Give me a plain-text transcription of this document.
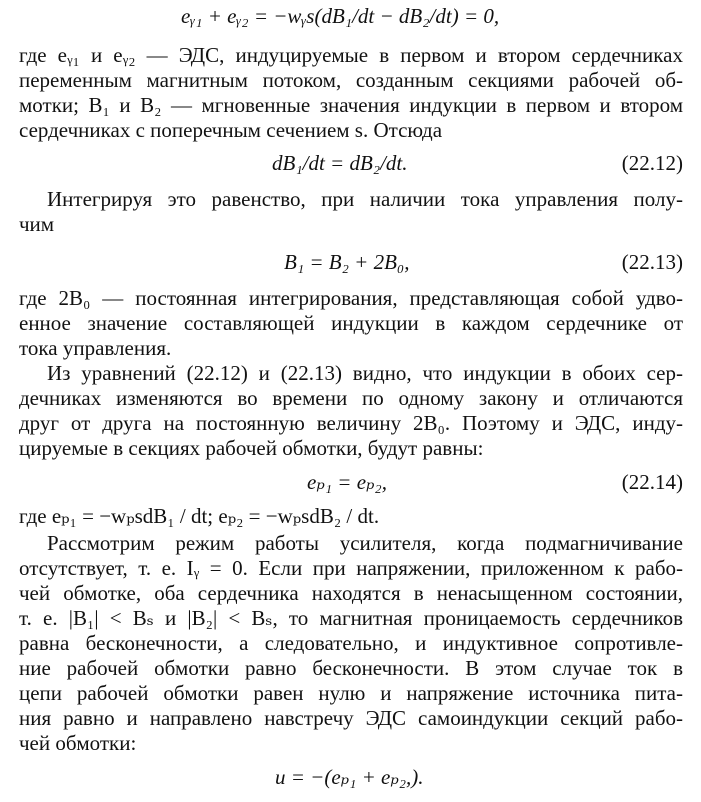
eᵧ₁ + eᵧ₂ = −wᵧs(dB₁/dt − dB₂/dt) = 0,
где eᵧ₁ и eᵧ₂ — ЭДС, индуцируемые в первом и втором сердечниках
переменным магнитным потоком, созданным секциями рабочей об-
мотки; B₁ и B₂ — мгновенные значения индукции в первом и втором
сердечниках с поперечным сечением s. Отсюда
dB₁/dt = dB₂/dt.	(22.12)
Интегрируя это равенство, при наличии тока управления полу-
чим
B₁ = B₂ + 2B₀,	(22.13)
где 2B₀ — постоянная интегрирования, представляющая собой удво-
енное значение составляющей индукции в каждом сердечнике от
тока управления.
Из уравнений (22.12) и (22.13) видно, что индукции в обоих сер-
дечниках изменяются во времени по одному закону и отличаются
друг от друга на постоянную величину 2B₀. Поэтому и ЭДС, инду-
цируемые в секциях рабочей обмотки, будут равны:
eₚ₁ = eₚ₂,	(22.14)
где eₚ₁ = −wₚsdB₁ / dt; eₚ₂ = −wₚsdB₂ / dt.
Рассмотрим режим работы усилителя, когда подмагничивание
отсутствует, т. е. Iᵧ = 0. Если при напряжении, приложенном к рабо-
чей обмотке, оба сердечника находятся в ненасыщенном состоянии,
т. е. |B₁| < Bₛ и |B₂| < Bₛ, то магнитная проницаемость сердечников
равна бесконечности, а следовательно, и индуктивное сопротивле-
ние рабочей обмотки равно бесконечности. В этом случае ток в
цепи рабочей обмотки равен нулю и напряжение источника пита-
ния равно и направлено навстречу ЭДС самоиндукции секций рабо-
чей обмотки:
u = −(eₚ₁ + eₚ₂,).
